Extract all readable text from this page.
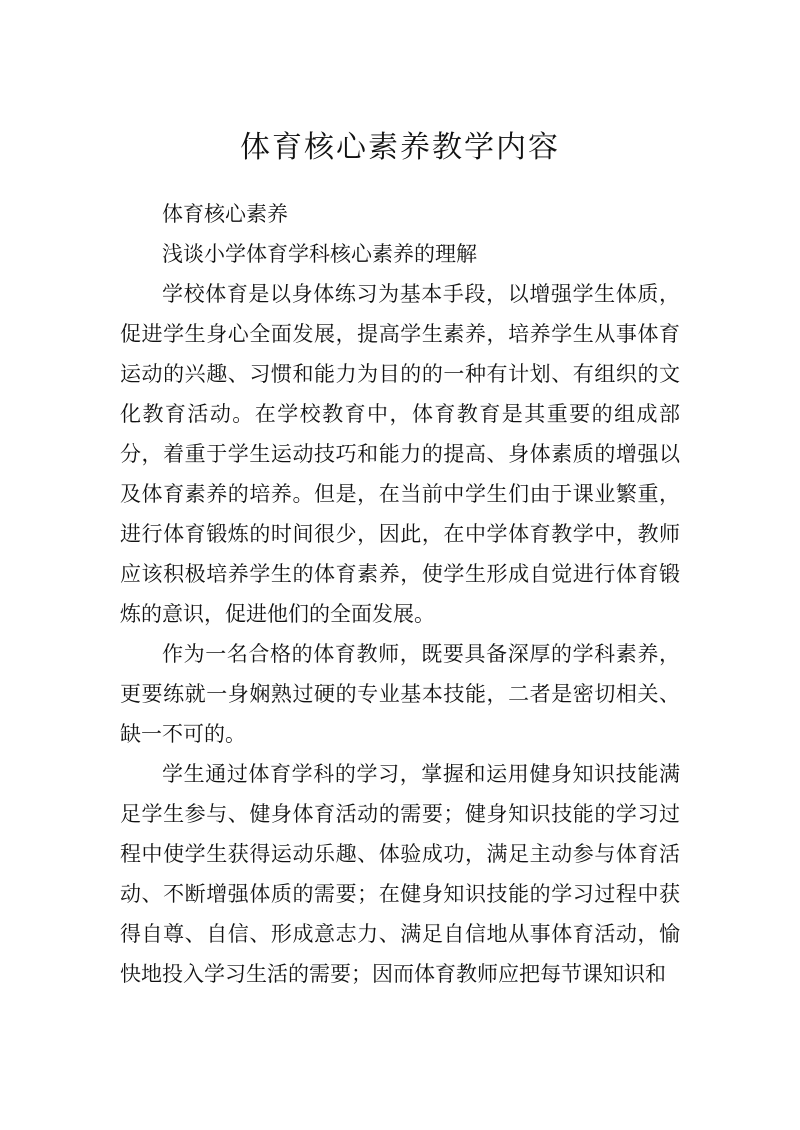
体育核心素养教学内容

体育核心素养

浅谈小学体育学科核心素养的理解

学校体育是以身体练习为基本手段，以增强学生体质，促进学生身心全面发展，提高学生素养，培养学生从事体育运动的兴趣、习惯和能力为目的的一种有计划、有组织的文化教育活动。在学校教育中，体育教育是其重要的组成部分，着重于学生运动技巧和能力的提高、身体素质的增强以及体育素养的培养。但是，在当前中学生们由于课业繁重，进行体育锻炼的时间很少，因此，在中学体育教学中，教师应该积极培养学生的体育素养，使学生形成自觉进行体育锻炼的意识，促进他们的全面发展。

作为一名合格的体育教师，既要具备深厚的学科素养，更要练就一身娴熟过硬的专业基本技能，二者是密切相关、缺一不可的。

学生通过体育学科的学习，掌握和运用健身知识技能满足学生参与、健身体育活动的需要；健身知识技能的学习过程中使学生获得运动乐趣、体验成功，满足主动参与体育活动、不断增强体质的需要；在健身知识技能的学习过程中获得自尊、自信、形成意志力、满足自信地从事体育活动，愉快地投入学习生活的需要；因而体育教师应把每节课知识和
